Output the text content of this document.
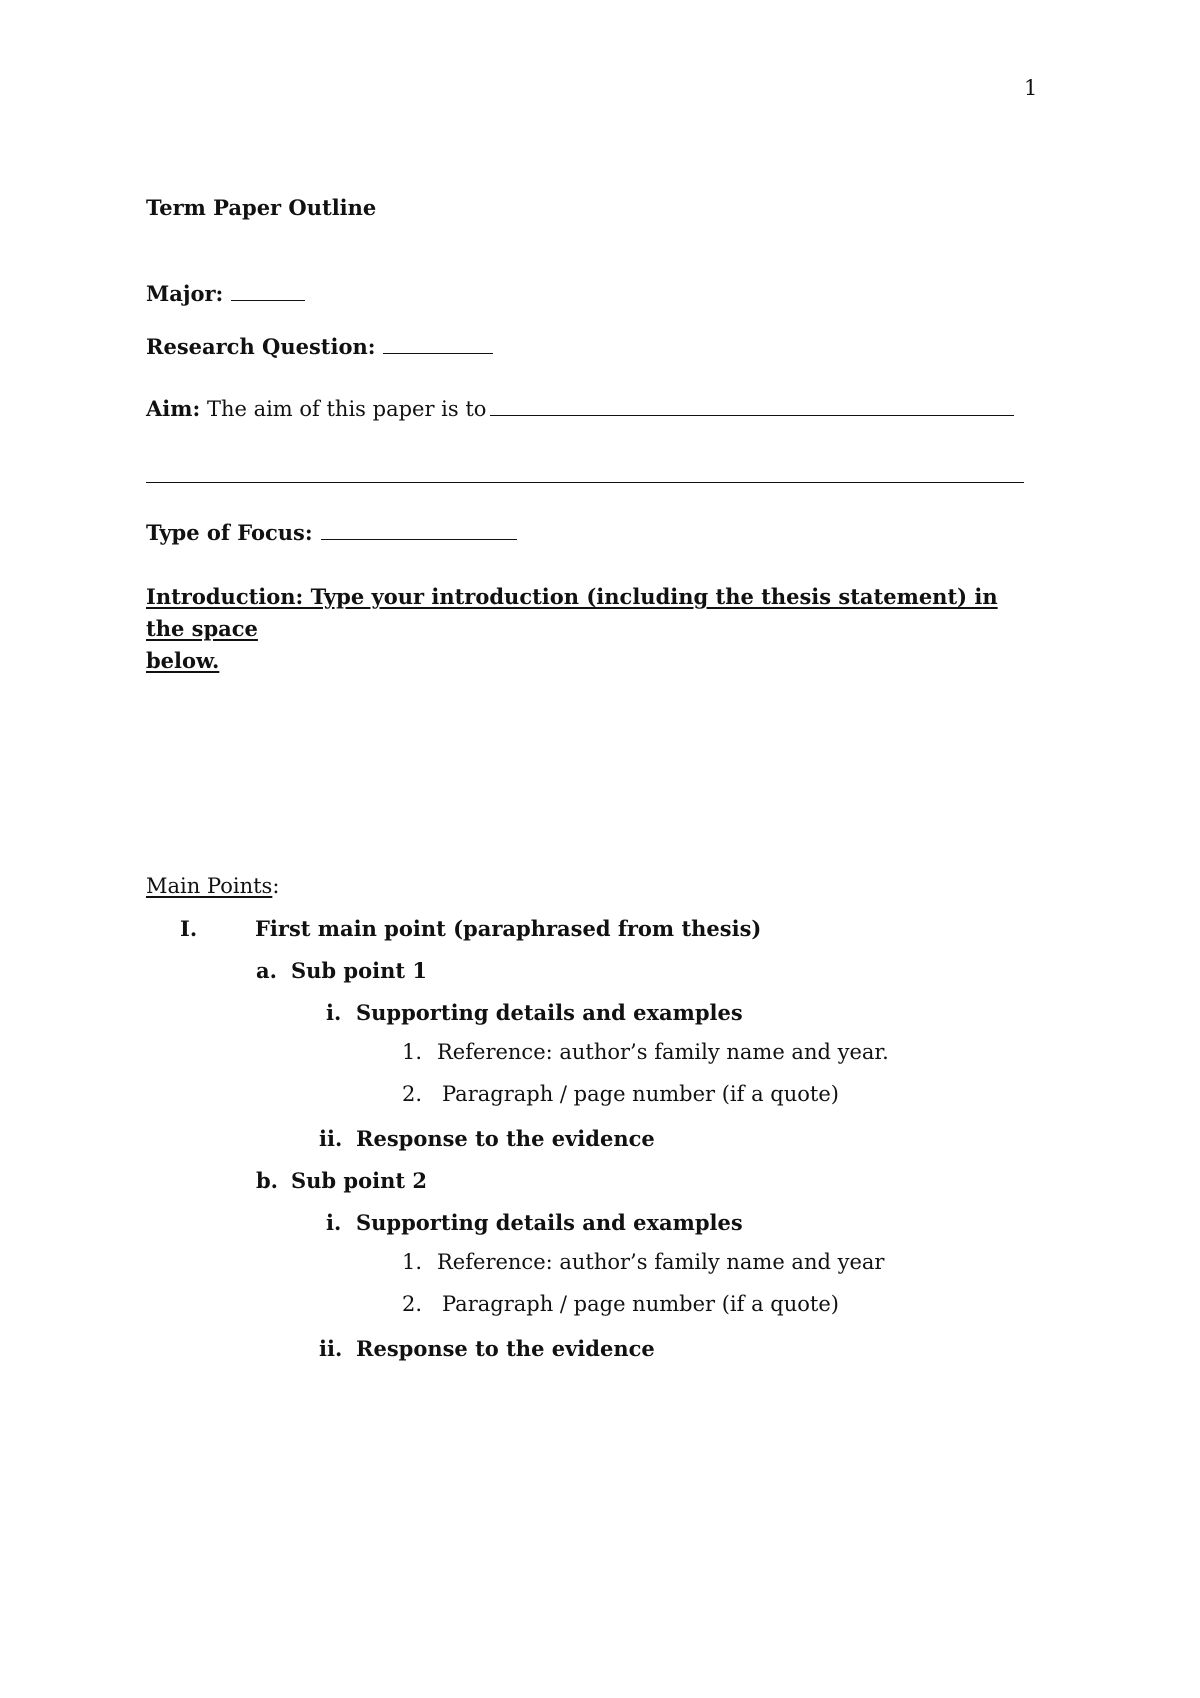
1
Term Paper Outline
Major:
Research Question:
Aim: The aim of this paper is to
Type of Focus:
Introduction: Type your introduction (including the thesis statement) in the space
below.
Main Points:
I.	First main point (paraphrased from thesis)
a. Sub point 1
i. Supporting details and examples
1. Reference: author’s family name and year.
2. Paragraph / page number (if a quote)
ii. Response to the evidence
b. Sub point 2
i. Supporting details and examples
1. Reference: author’s family name and year
2. Paragraph / page number (if a quote)
ii. Response to the evidence
